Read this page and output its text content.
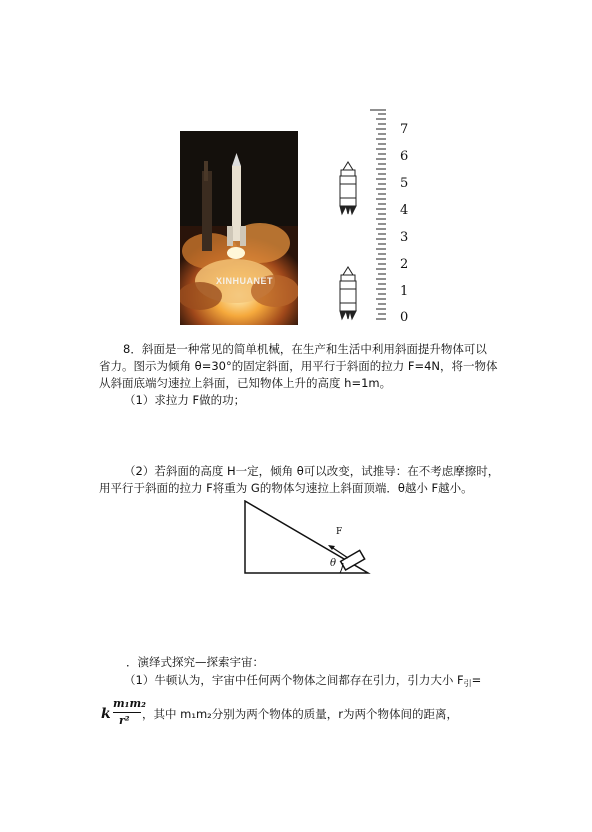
XINHUANET
7
6
5
4
3
2
1
0
8．斜面是一种常见的简单机械，在生产和生活中利用斜面提升物体可以
省力。图示为倾角 θ=30°的固定斜面，用平行于斜面的拉力 F=4N，将一物体
从斜面底端匀速拉上斜面，已知物体上升的高度 h=1m。
（1）求拉力 F做的功；
（2）若斜面的高度 H一定，倾角 θ可以改变，试推导：在不考虑摩擦时，
用平行于斜面的拉力 F将重为 G的物体匀速拉上斜面顶端．θ越小 F越小。
F
θ
．演绎式探究—探索宇宙：
（1）牛顿认为，宇宙中任何两个物体之间都存在引力，引力大小 F引=
k
m₁m₂
r² ，其中 m₁m₂分别为两个物体的质量，r为两个物体间的距离，
